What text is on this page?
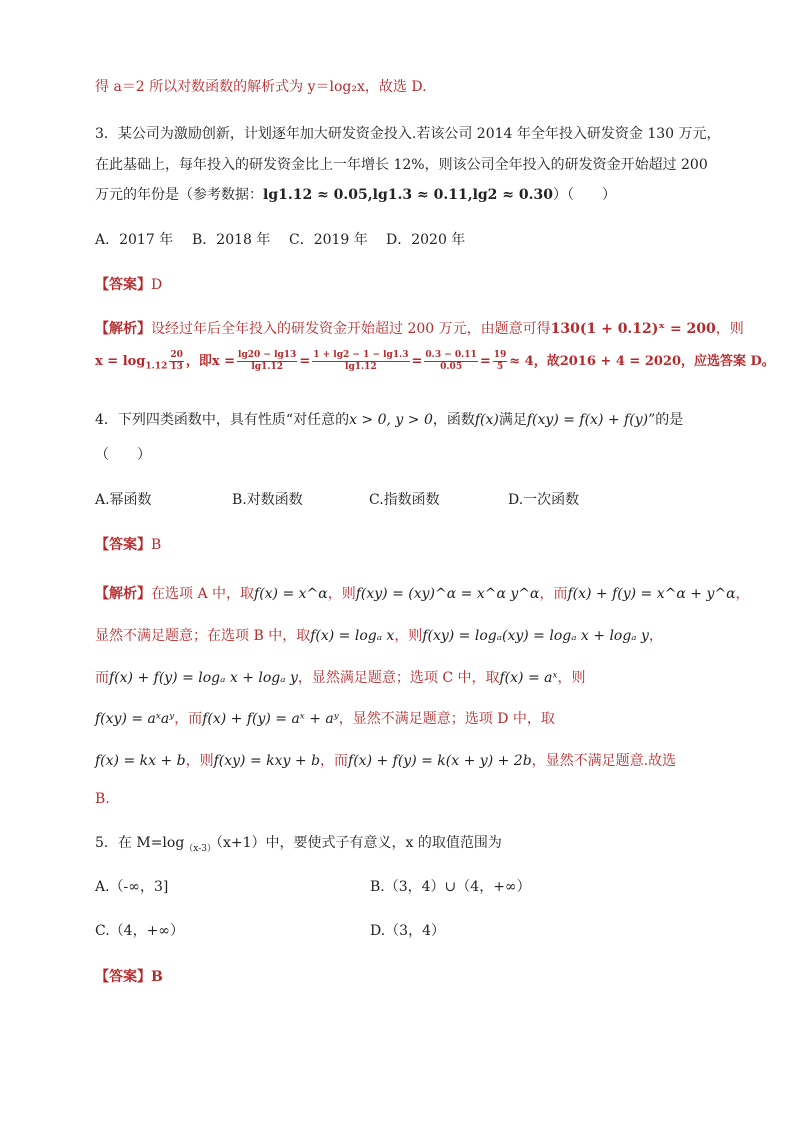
得 a＝2 所以对数函数的解析式为 y＝log₂x，故选 D.
3．某公司为激励创新，计划逐年加大研发资金投入.若该公司 2014 年全年投入研发资金 130 万元，
在此基础上，每年投入的研发资金比上一年增长 12%，则该公司全年投入的研发资金开始超过 200
万元的年份是（参考数据：lg1.12 ≈ 0.05,lg1.3 ≈ 0.11,lg2 ≈ 0.30）（　　）
A．2017 年 B．2018 年 C．2019 年 D．2020 年
【答案】D
【解析】设经过年后全年投入的研发资金开始超过 200 万元，由题意可得130(1 + 0.12)ˣ = 200，则
$x = \log_{1.12} \frac{20}{13}$ ，即$x = \frac{\lg 20 - \lg 13}{\lg 1.12} = \frac{1 + \lg 2 - 1 - \lg 1.3}{\lg 1.12} = \frac{0.3 - 0.11}{0.05} = \frac{19}{5} \approx 4$，故2016 + 4 = 2020，应选答案 D。
4．下列四类函数中，具有性质“对任意的x > 0, y > 0，函数f(x)满足f(xy) = f(x) + f(y)”的是
（　　）
A.幂函数	B.对数函数	C.指数函数	D.一次函数
【答案】B
【解析】在选项 A 中，取f(x) = x^α，则f(xy) = (xy)^α = x^α y^α，而f(x) + f(y) = x^α + y^α，
显然不满足题意；在选项 B 中，取f(x) = logₐ x，则f(xy) = logₐ(xy) = logₐ x + logₐ y，
而f(x) + f(y) = logₐ x + logₐ y，显然满足题意；选项 C 中，取f(x) = aˣ，则
f(xy) = aˣaʸ，而f(x) + f(y) = aˣ + aʸ，显然不满足题意；选项 D 中，取
f(x) = kx + b，则f(xy) = kxy + b，而f(x) + f(y) = k(x + y) + 2b，显然不满足题意.故选
B.
5．在 $M=\log_{(x-3)}(x+1)$中，要使式子有意义，x 的取值范围为
A.（-∞，3]	B.（3，4）∪（4，+∞）
C.（4，+∞）	D.（3，4）
【答案】B
